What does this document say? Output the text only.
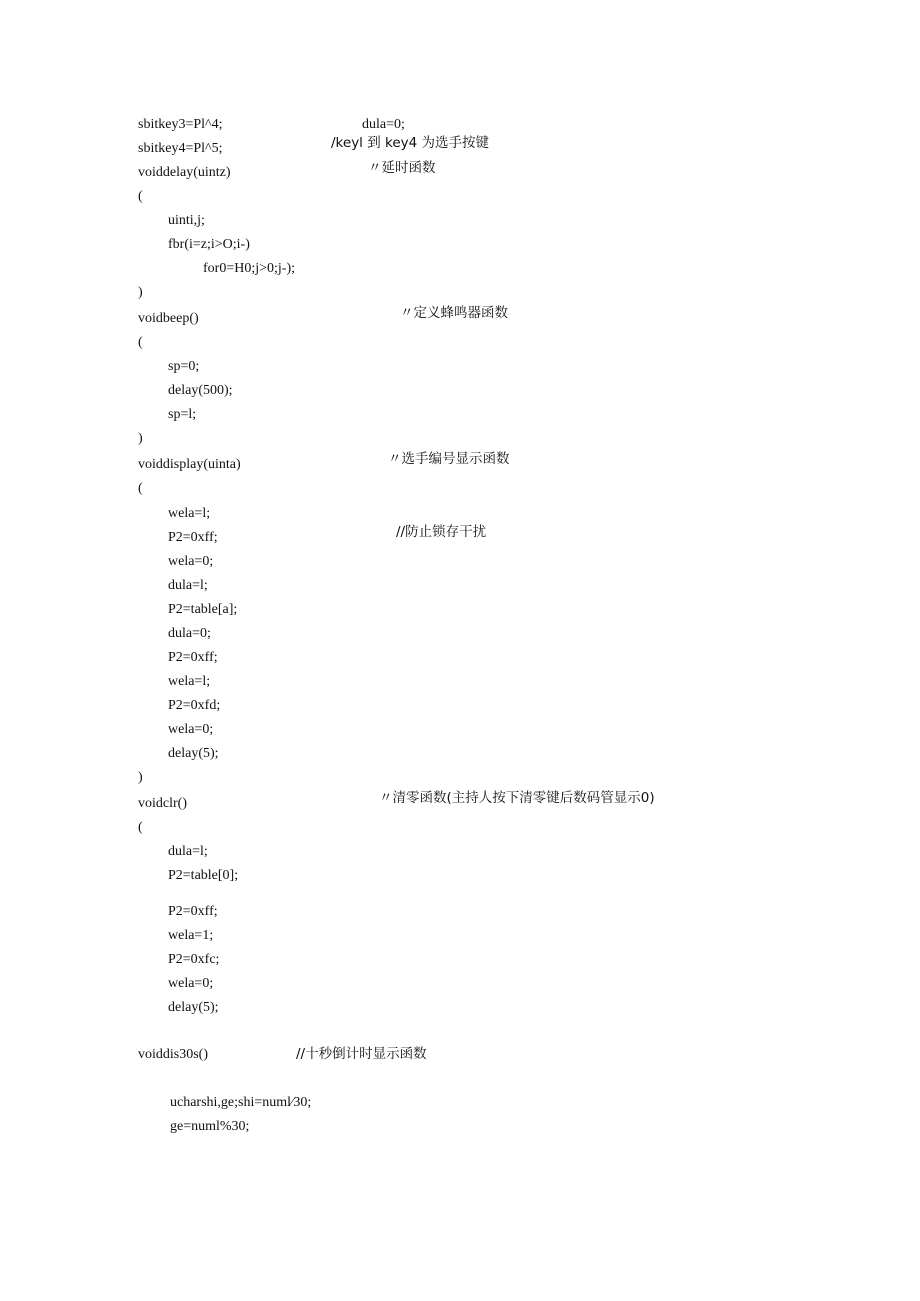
sbitkey3=Pl^4;	dula=0;
sbitkey4=Pl^5;	/keyl 到 key4 为选手按键
voiddelay(uintz)	〃延时函数
(
uinti,j;
fbr(i=z;i>O;i-)
for0=H0;j>0;j-);
)
voidbeep()	〃定义蜂鸣器函数
(
sp=0;
delay(500);
sp=l;
)
voiddisplay(uinta)	〃选手编号显示函数
(
wela=l;
P2=0xff;	//防止锁存干扰
wela=0;
dula=l;
P2=table[a];
dula=0;
P2=0xff;
wela=l;
P2=0xfd;
wela=0;
delay(5);
)
voidclr()	〃清零函数(主持人按下清零键后数码管显示0)
(
dula=l;
P2=table[0];
P2=0xff;
wela=1;
P2=0xfc;
wela=0;
delay(5);
voiddis30s()	//十秒倒计时显示函数
ucharshi,ge;shi=numl∕30;
ge=numl%30;
